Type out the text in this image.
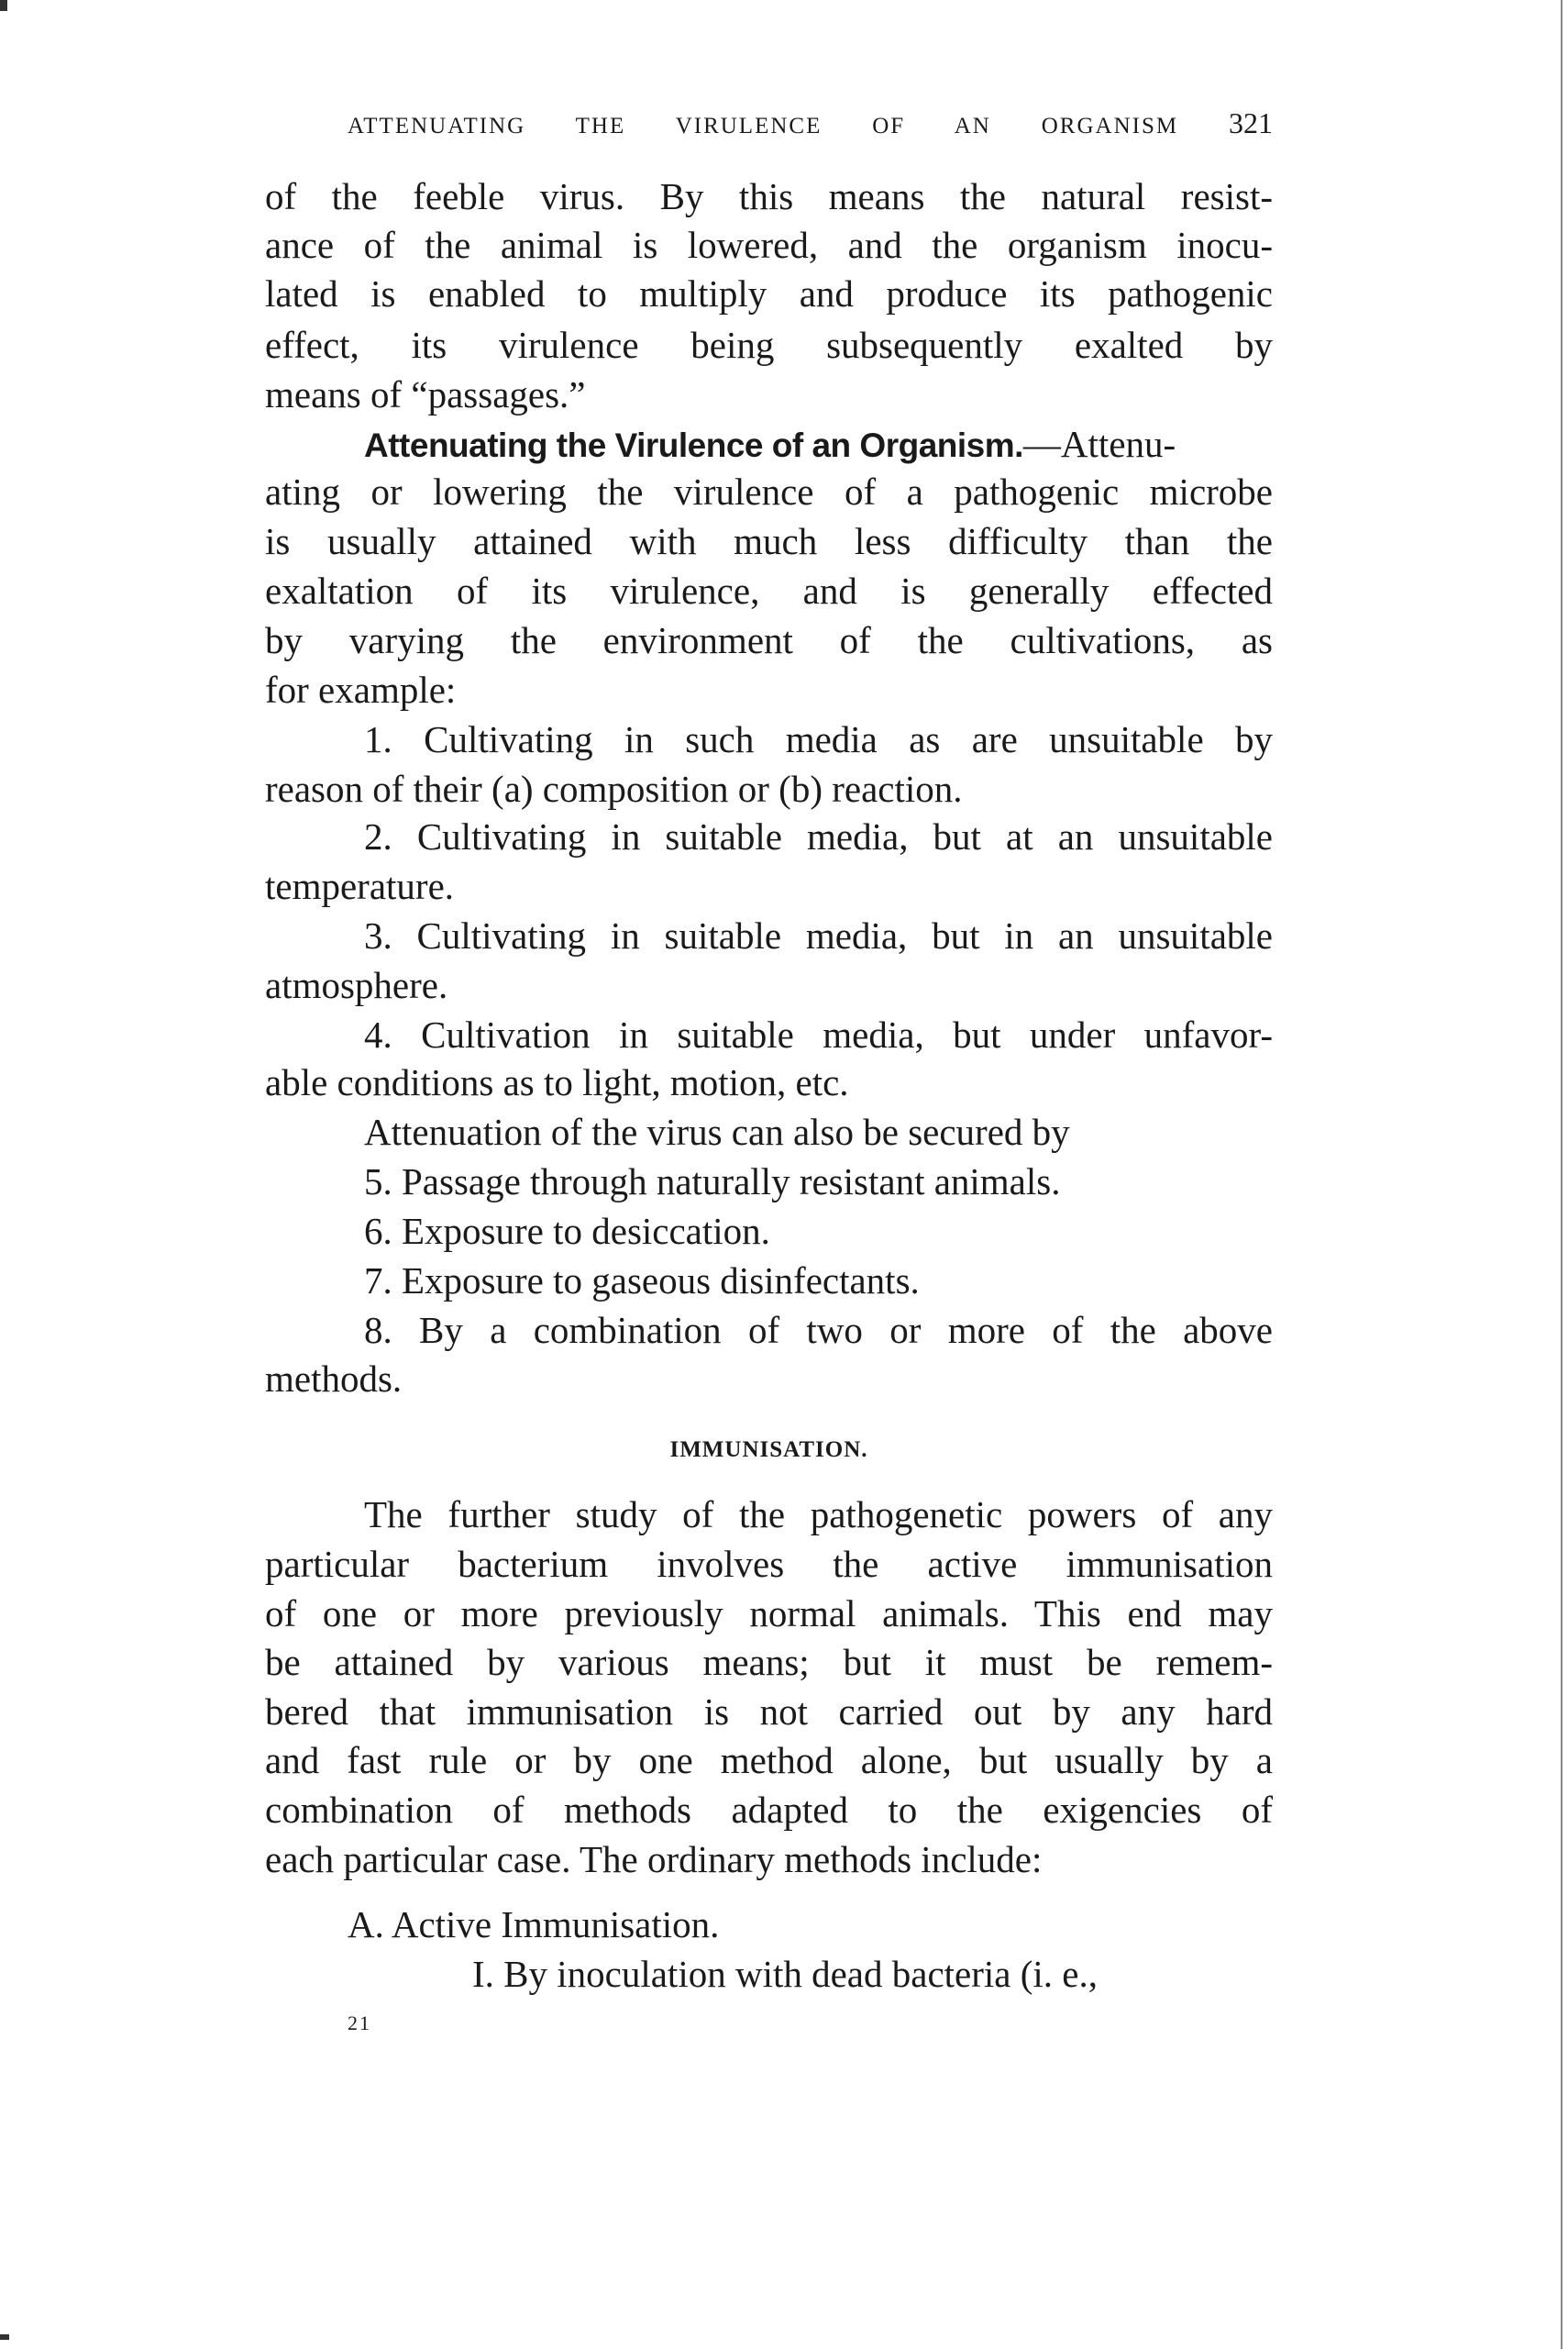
ATTENUATING THE VIRULENCE OF AN ORGANISM 321
of the feeble virus. By this means the natural resist-
ance of the animal is lowered, and the organism inocu-
lated is enabled to multiply and produce its pathogenic
effect, its virulence being subsequently exalted by
means of “passages.”
Attenuating the Virulence of an Organism.—Attenu-
ating or lowering the virulence of a pathogenic microbe
is usually attained with much less difficulty than the
exaltation of its virulence, and is generally effected
by varying the environment of the cultivations, as
for example:
1. Cultivating in such media as are unsuitable by
reason of their (a) composition or (b) reaction.
2. Cultivating in suitable media, but at an unsuitable
temperature.
3. Cultivating in suitable media, but in an unsuitable
atmosphere.
4. Cultivation in suitable media, but under unfavor-
able conditions as to light, motion, etc.
Attenuation of the virus can also be secured by
5. Passage through naturally resistant animals.
6. Exposure to desiccation.
7. Exposure to gaseous disinfectants.
8. By a combination of two or more of the above
methods.
IMMUNISATION.
The further study of the pathogenetic powers of any
particular bacterium involves the active immunisation
of one or more previously normal animals. This end may
be attained by various means; but it must be remem-
bered that immunisation is not carried out by any hard
and fast rule or by one method alone, but usually by a
combination of methods adapted to the exigencies of
each particular case. The ordinary methods include:
A. Active Immunisation.
I. By inoculation with dead bacteria (i. e.,
21
